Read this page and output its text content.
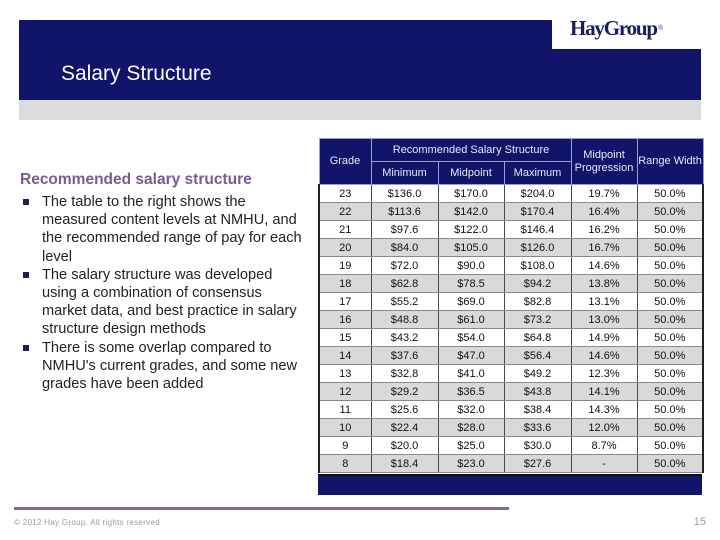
Salary Structure
HayGroup®
Recommended salary structure
The table to the right shows the measured content levels at NMHU, and the recommended range of pay for each level
The salary structure was developed using a combination of consensus market data, and best practice in salary structure design methods
There is some overlap compared to NMHU's current grades, and some new grades have been added
Grade	Recommended Salary Structure			Midpoint Progression	Range Width
	Minimum	Midpoint	Maximum		
23	$136.0	$170.0	$204.0	19.7%	50.0%
22	$113.6	$142.0	$170.4	16.4%	50.0%
21	$97.6	$122.0	$146.4	16.2%	50.0%
20	$84.0	$105.0	$126.0	16.7%	50.0%
19	$72.0	$90.0	$108.0	14.6%	50.0%
18	$62.8	$78.5	$94.2	13.8%	50.0%
17	$55.2	$69.0	$82.8	13.1%	50.0%
16	$48.8	$61.0	$73.2	13.0%	50.0%
15	$43.2	$54.0	$64.8	14.9%	50.0%
14	$37.6	$47.0	$56.4	14.6%	50.0%
13	$32.8	$41.0	$49.2	12.3%	50.0%
12	$29.2	$36.5	$43.8	14.1%	50.0%
11	$25.6	$32.0	$38.4	14.3%	50.0%
10	$22.4	$28.0	$33.6	12.0%	50.0%
9	$20.0	$25.0	$30.0	8.7%	50.0%
8	$18.4	$23.0	$27.6	-	50.0%
© 2012 Hay Group. All rights reserved	15
